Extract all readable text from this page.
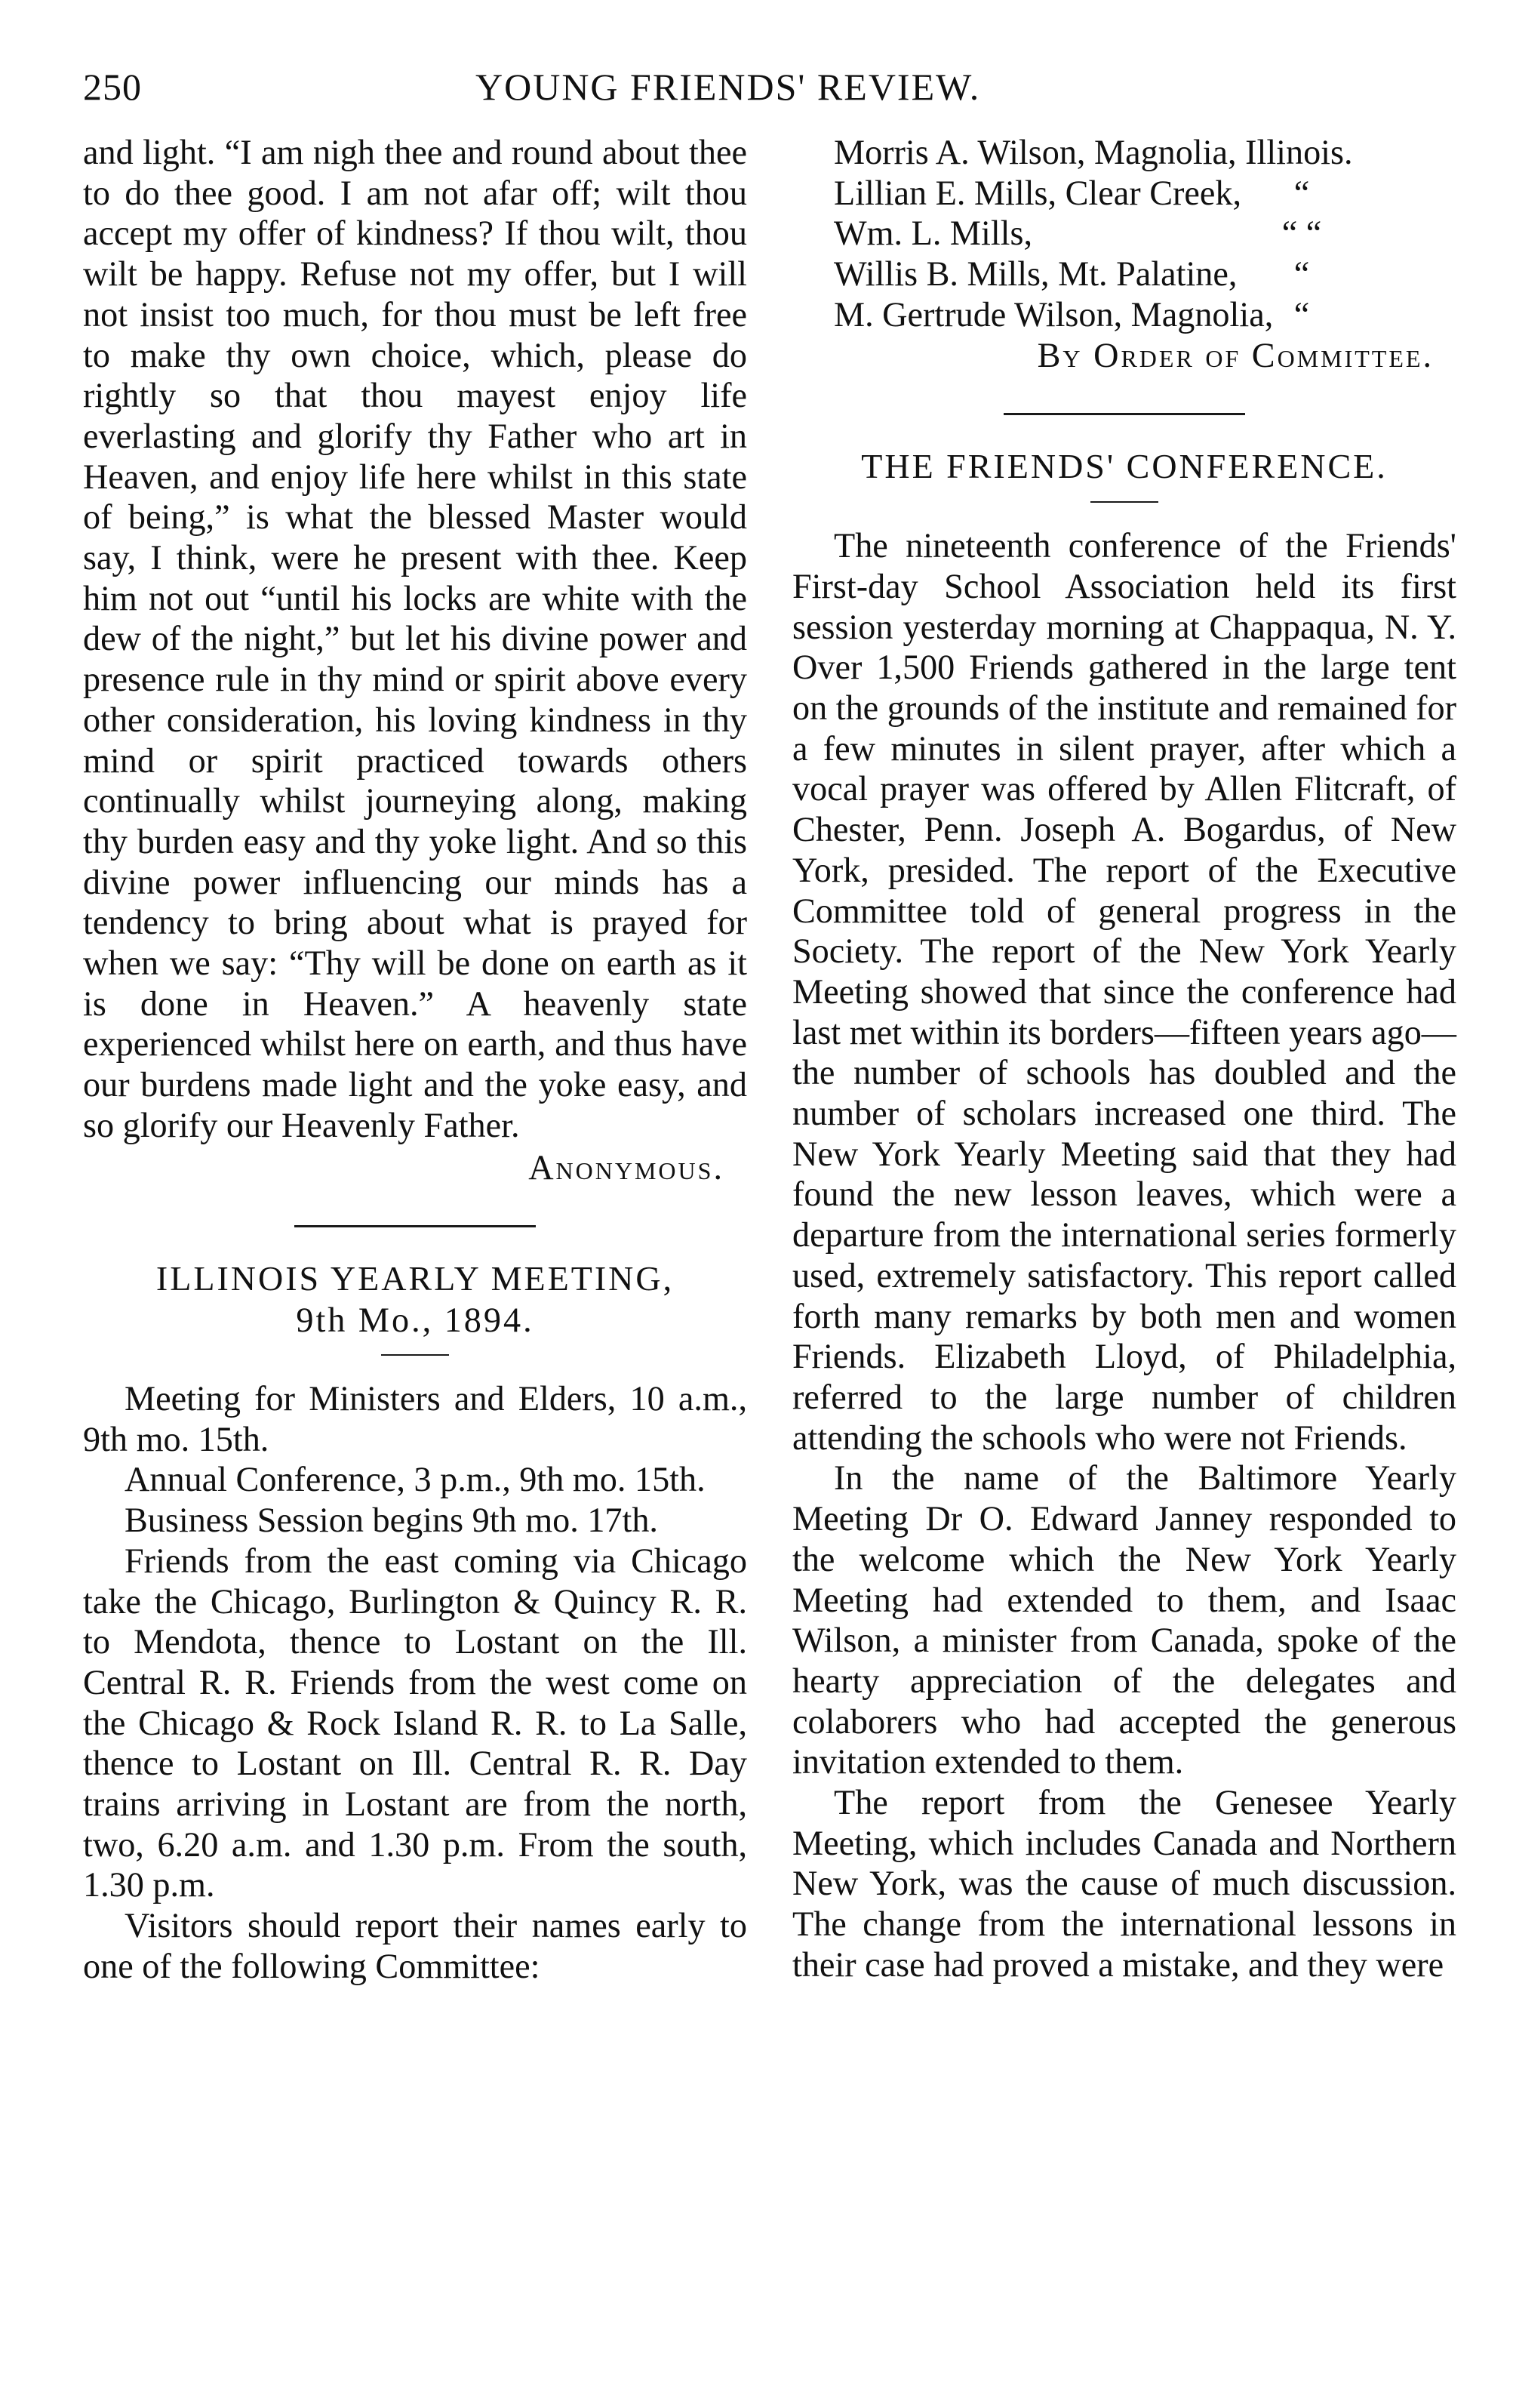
250	YOUNG FRIENDS' REVIEW.

and light. “I am nigh thee and round about thee to do thee good. I am not afar off; wilt thou accept my offer of kindness? If thou wilt, thou wilt be happy. Refuse not my offer, but I will not insist too much, for thou must be left free to make thy own choice, which, please do rightly so that thou mayest enjoy life everlasting and glorify thy Father who art in Heaven, and enjoy life here whilst in this state of being,” is what the blessed Master would say, I think, were he present with thee. Keep him not out “until his locks are white with the dew of the night,” but let his divine power and presence rule in thy mind or spirit above every other consideration, his loving kindness in thy mind or spirit practiced towards others continually whilst journeying along, making thy burden easy and thy yoke light. And so this divine power influencing our minds has a tendency to bring about what is prayed for when we say: “Thy will be done on earth as it is done in Heaven.” A heavenly state experienced whilst here on earth, and thus have our burdens made light and the yoke easy, and so glorify our Heavenly Father.

Anonymous.

ILLINOIS YEARLY MEETING,

9th Mo., 1894.

Meeting for Ministers and Elders, 10 a.m., 9th mo. 15th.

Annual Conference, 3 p.m., 9th mo. 15th.

Business Session begins 9th mo. 17th.

Friends from the east coming via Chicago take the Chicago, Burlington & Quincy R. R. to Mendota, thence to Lostant on the Ill. Central R. R. Friends from the west come on the Chicago & Rock Island R. R. to La Salle, thence to Lostant on Ill. Central R. R. Day trains arriving in Lostant are from the north, two, 6.20 a.m. and 1.30 p.m. From the south, 1.30 p.m.

Visitors should report their names early to one of the following Committee:

Morris A. Wilson, Magnolia, Illinois.
Lillian E. Mills, Clear Creek,	“
Wm. L. Mills,	“ “
Willis B. Mills, Mt. Palatine,	“
M. Gertrude Wilson, Magnolia, “

By Order of Committee.

THE FRIENDS' CONFERENCE.

The nineteenth conference of the Friends' First-day School Association held its first session yesterday morning at Chappaqua, N. Y. Over 1,500 Friends gathered in the large tent on the grounds of the institute and remained for a few minutes in silent prayer, after which a vocal prayer was offered by Allen Flitcraft, of Chester, Penn. Joseph A. Bogardus, of New York, presided. The report of the Executive Committee told of general progress in the Society. The report of the New York Yearly Meeting showed that since the conference had last met within its borders—fifteen years ago—the number of schools has doubled and the number of scholars increased one third. The New York Yearly Meeting said that they had found the new lesson leaves, which were a departure from the international series formerly used, extremely satisfactory. This report called forth many remarks by both men and women Friends. Elizabeth Lloyd, of Philadelphia, referred to the large number of children attending the schools who were not Friends.

In the name of the Baltimore Yearly Meeting Dr O. Edward Janney responded to the welcome which the New York Yearly Meeting had extended to them, and Isaac Wilson, a minister from Canada, spoke of the hearty appreciation of the delegates and colaborers who had accepted the generous invitation extended to them.

The report from the Genesee Yearly Meeting, which includes Canada and Northern New York, was the cause of much discussion. The change from the international lessons in their case had proved a mistake, and they were
